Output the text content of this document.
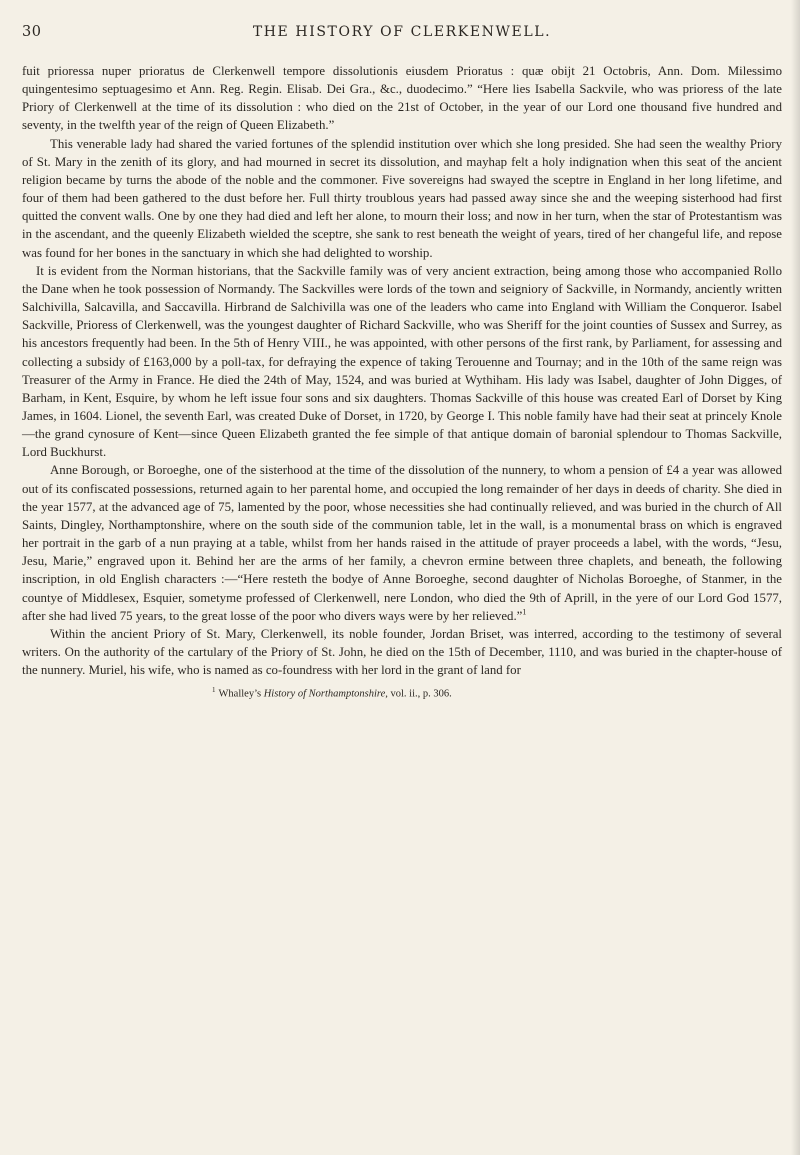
30	THE HISTORY OF CLERKENWELL.

fuit prioressa nuper prioratus de Clerkenwell tempore dissolutionis eiusdem Prioratus : quæ obijt 21 Octobris, Ann. Dom. Milessimo quingentesimo septuagesimo et Ann. Reg. Regin. Elisab. Dei Gra., &c., duodecimo.” “Here lies Isabella Sackvile, who was prioress of the late Priory of Clerkenwell at the time of its dissolution : who died on the 21st of October, in the year of our Lord one thousand five hundred and seventy, in the twelfth year of the reign of Queen Elizabeth.”

This venerable lady had shared the varied fortunes of the splendid institution over which she long presided. She had seen the wealthy Priory of St. Mary in the zenith of its glory, and had mourned in secret its dissolution, and mayhap felt a holy indignation when this seat of the ancient religion became by turns the abode of the noble and the commoner. Five sovereigns had swayed the sceptre in England in her long lifetime, and four of them had been gathered to the dust before her. Full thirty troublous years had passed away since she and the weeping sisterhood had first quitted the convent walls. One by one they had died and left her alone, to mourn their loss; and now in her turn, when the star of Protestantism was in the ascendant, and the queenly Elizabeth wielded the sceptre, she sank to rest beneath the weight of years, tired of her changeful life, and repose was found for her bones in the sanctuary in which she had delighted to worship.

It is evident from the Norman historians, that the Sackville family was of very ancient extraction, being among those who accompanied Rollo the Dane when he took possession of Normandy. The Sackvilles were lords of the town and seigniory of Sackville, in Normandy, anciently written Salchivilla, Salcavilla, and Saccavilla. Hirbrand de Salchivilla was one of the leaders who came into England with William the Conqueror. Isabel Sackville, Prioress of Clerkenwell, was the youngest daughter of Richard Sackville, who was Sheriff for the joint counties of Sussex and Surrey, as his ancestors frequently had been. In the 5th of Henry VIII., he was appointed, with other persons of the first rank, by Parliament, for assessing and collecting a subsidy of £163,000 by a poll-tax, for defraying the expence of taking Terouenne and Tournay; and in the 10th of the same reign was Treasurer of the Army in France. He died the 24th of May, 1524, and was buried at Wythiham. His lady was Isabel, daughter of John Digges, of Barham, in Kent, Esquire, by whom he left issue four sons and six daughters. Thomas Sackville of this house was created Earl of Dorset by King James, in 1604. Lionel, the seventh Earl, was created Duke of Dorset, in 1720, by George I. This noble family have had their seat at princely Knole—the grand cynosure of Kent—since Queen Elizabeth granted the fee simple of that antique domain of baronial splendour to Thomas Sackville, Lord Buckhurst.

Anne Borough, or Boroeghe, one of the sisterhood at the time of the dissolution of the nunnery, to whom a pension of £4 a year was allowed out of its confiscated possessions, returned again to her parental home, and occupied the long remainder of her days in deeds of charity. She died in the year 1577, at the advanced age of 75, lamented by the poor, whose necessities she had continually relieved, and was buried in the church of All Saints, Dingley, Northamptonshire, where on the south side of the communion table, let in the wall, is a monumental brass on which is engraved her portrait in the garb of a nun praying at a table, whilst from her hands raised in the attitude of prayer proceeds a label, with the words, “Jesu, Jesu, Marie,” engraved upon it. Behind her are the arms of her family, a chevron ermine between three chaplets, and beneath, the following inscription, in old English characters :—“Here resteth the bodye of Anne Boroeghe, second daughter of Nicholas Boroeghe, of Stanmer, in the countye of Middlesex, Esquier, sometyme professed of Clerkenwell, nere London, who died the 9th of Aprill, in the yere of our Lord God 1577, after she had lived 75 years, to the great losse of the poor who divers ways were by her relieved.”$^1$

Within the ancient Priory of St. Mary, Clerkenwell, its noble founder, Jordan Briset, was interred, according to the testimony of several writers. On the authority of the cartulary of the Priory of St. John, he died on the 15th of December, 1110, and was buried in the chapter-house of the nunnery. Muriel, his wife, who is named as co-foundress with her lord in the grant of land for

$^1$ Whalley’s History of Northamptonshire, vol. ii., p. 306.
